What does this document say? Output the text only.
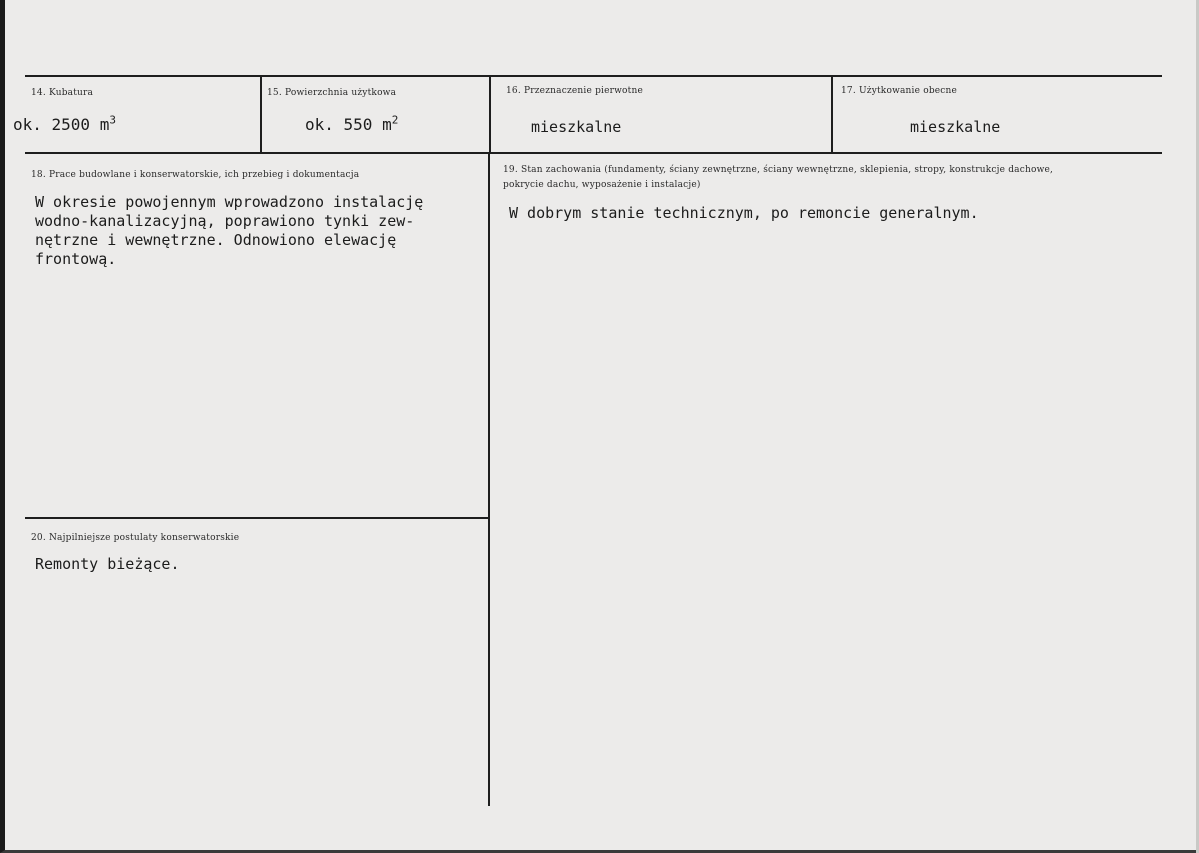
14. Kubatura
ok. 2500 $m^3$
15. Powierzchnia użytkowa
ok. 550 $m^2$
16. Przeznaczenie pierwotne
mieszkalne
17. Użytkowanie obecne
mieszkalne
18. Prace budowlane i konserwatorskie, ich przebieg i dokumentacja
W okresie powojennym wprowadzono instalację
wodno-kanalizacyjną, poprawiono tynki zew-
nętrzne i wewnętrzne. Odnowiono elewację
frontową.
19. Stan zachowania (fundamenty, ściany zewnętrzne, ściany wewnętrzne, sklepienia, stropy, konstrukcje dachowe, pokrycie dachu, wyposażenie i instalacje)
W dobrym stanie technicznym, po remoncie generalnym.
20. Najpilniejsze postulaty konserwatorskie
Remonty bieżące.
